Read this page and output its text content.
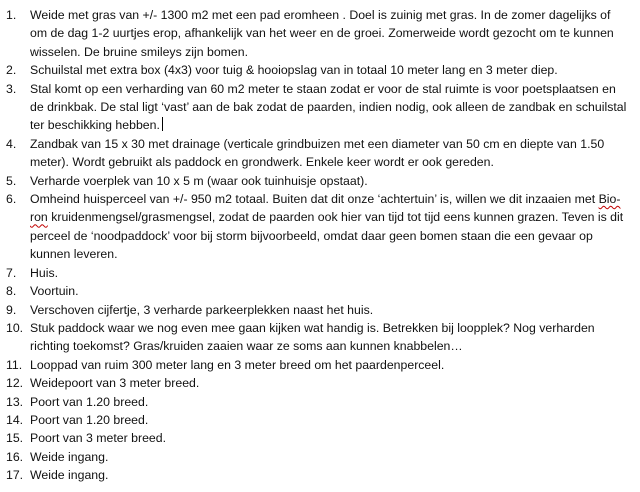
1.	Weide met gras van +/- 1300 m2 met een pad eromheen . Doel is zuinig met gras. In de zomer dagelijks of om de dag 1-2 uurtjes erop, afhankelijk van het weer en de groei. Zomerweide wordt gezocht om te kunnen wisselen. De bruine smileys zijn bomen.
2.	Schuilstal met extra box (4x3) voor tuig & hooiopslag van in totaal 10 meter lang en 3 meter diep.
3.	Stal komt op een verharding van 60 m2 meter te staan zodat er voor de stal ruimte is voor poetsplaatsen en de drinkbak. De stal ligt ‘vast’ aan de bak zodat de paarden, indien nodig, ook alleen de zandbak en schuilstal ter beschikking hebben.
4.	Zandbak van 15 x 30 met drainage (verticale grindbuizen met een diameter van 50 cm en diepte van 1.50 meter). Wordt gebruikt als paddock en grondwerk. Enkele keer wordt er ook gereden.
5.	Verharde voerplek van 10 x 5 m (waar ook tuinhuisje opstaat).
6.	Omheind huisperceel van +/- 950 m2 totaal. Buiten dat dit onze ‘achtertuin’ is, willen we dit inzaaien met Bio-ron kruidenmengsel/grasmengsel, zodat de paarden ook hier van tijd tot tijd eens kunnen grazen. Teven is dit perceel de ‘noodpaddock’ voor bij storm bijvoorbeeld, omdat daar geen bomen staan die een gevaar op kunnen leveren.
7.	Huis.
8.	Voortuin.
9.	Verschoven cijfertje, 3 verharde parkeerplekken naast het huis.
10. Stuk paddock waar we nog even mee gaan kijken wat handig is. Betrekken bij loopplek? Nog verharden richting toekomst? Gras/kruiden zaaien waar ze soms aan kunnen knabbelen…
11. Looppad van ruim 300 meter lang en 3 meter breed om het paardenperceel.
12. Weidepoort van 3 meter breed.
13. Poort van 1.20 breed.
14. Poort van 1.20 breed.
15. Poort van 3 meter breed.
16. Weide ingang.
17. Weide ingang.
